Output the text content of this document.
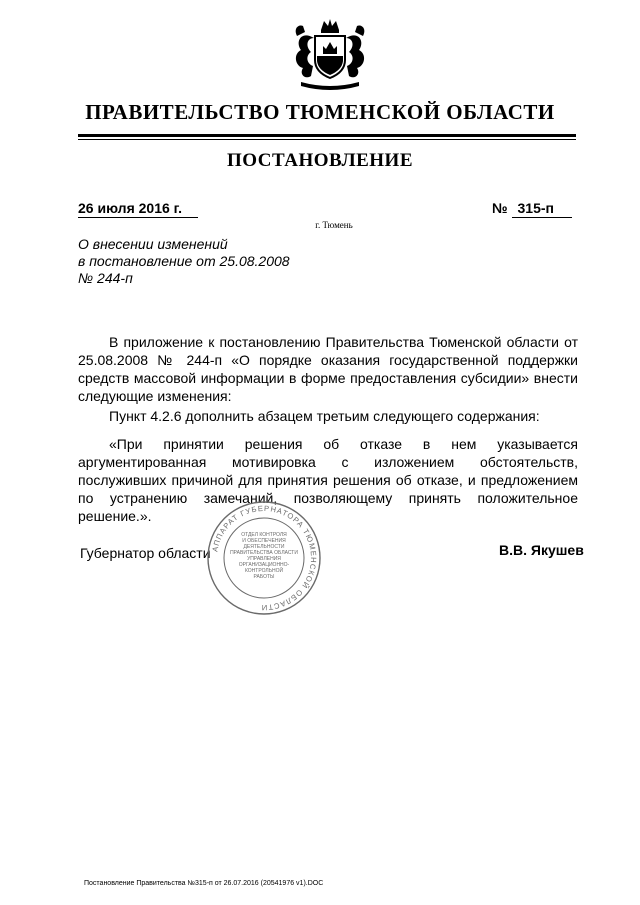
ПРАВИТЕЛЬСТВО ТЮМЕНСКОЙ ОБЛАСТИ
ПОСТАНОВЛЕНИЕ
26 июля 2016 г.	№ 315-п
г. Тюмень
О внесении изменений
в постановление от 25.08.2008
№ 244-п
В приложение к постановлению Правительства Тюменской области от 25.08.2008 № 244-п «О порядке оказания государственной поддержки средств массовой информации в форме предоставления субсидии» внести следующие изменения:
Пункт 4.2.6 дополнить абзацем третьим следующего содержания:
«При принятии решения об отказе в нем указывается аргументированная мотивировка с изложением обстоятельств, послуживших причиной для принятия решения об отказе, и предложением по устранению замечаний, позволяющему принять положительное решение.».
Губернатор области	В.В. Якушев
АППАРАТ ГУБЕРНАТОРА ТЮМЕНСКОЙ ОБЛАСТИ
ОТДЕЛ КОНТРОЛЯ
И ОБЕСПЕЧЕНИЯ
ДЕЯТЕЛЬНОСТИ
ПРАВИТЕЛЬСТВА ОБЛАСТИ
УПРАВЛЕНИЯ
ОРГАНИЗАЦИОННО-
КОНТРОЛЬНОЙ
РАБОТЫ
Постановление Правительства №315-п от 26.07.2016 (20541976 v1).DOC
